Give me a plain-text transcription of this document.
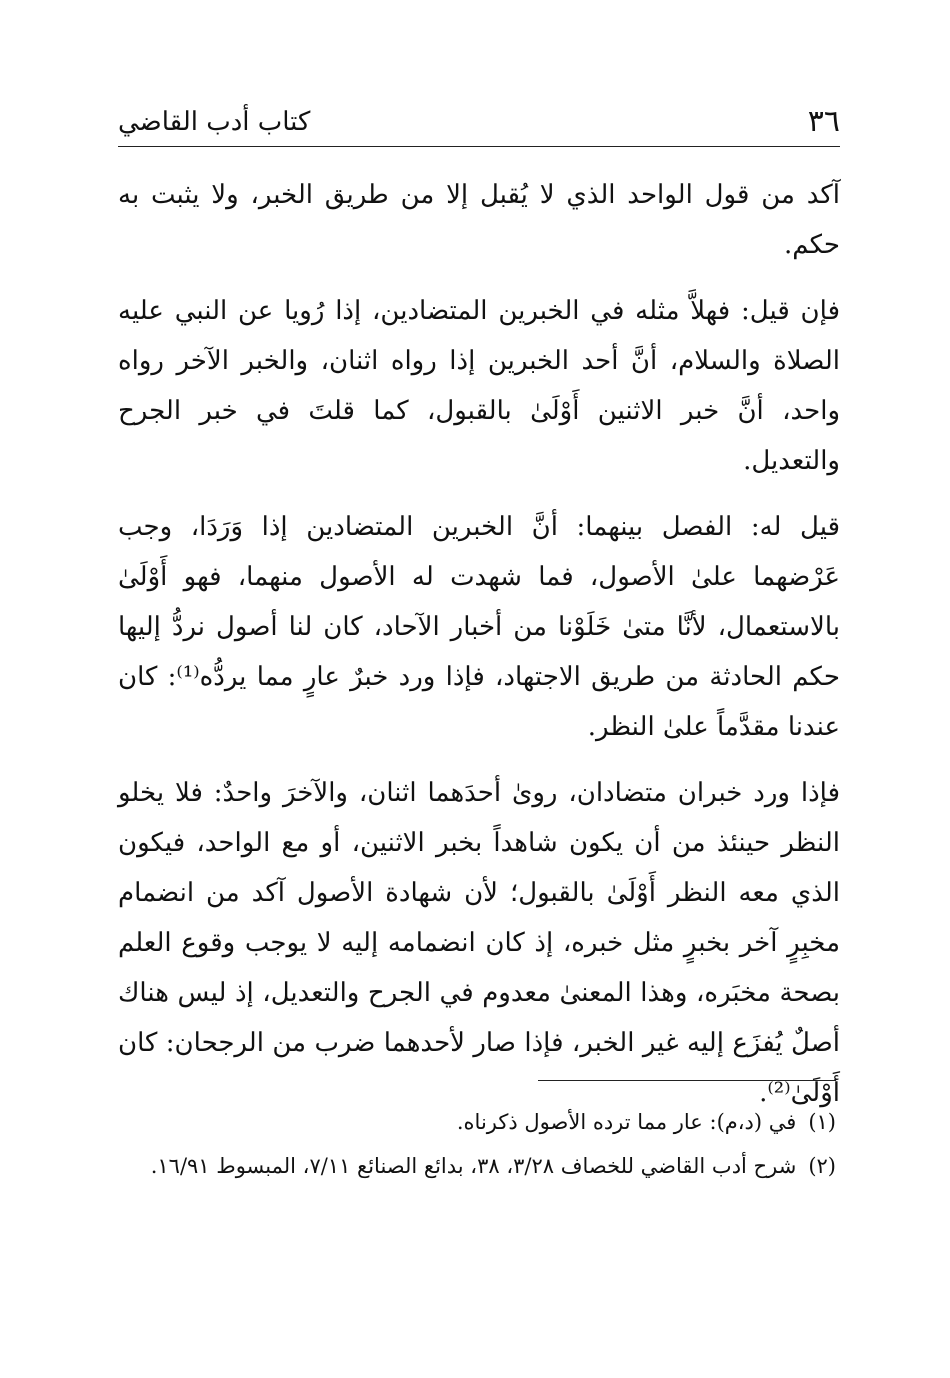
٣٦
كتاب أدب القاضي

آكد من قول الواحد الذي لا يُقبل إلا من طريق الخبر، ولا يثبت به حكم.

فإن قيل: فهلاَّ مثله في الخبرين المتضادين، إذا رُويا عن النبي عليه الصلاة والسلام، أنَّ أحد الخبرين إذا رواه اثنان، والخبر الآخر رواه واحد، أنَّ خبر الاثنين أَوْلَىٰ بالقبول، كما قلتَ في خبر الجرح والتعديل.

قيل له: الفصل بينهما: أنَّ الخبرين المتضادين إذا وَرَدَا، وجب عَرْضهما علىٰ الأصول، فما شهدت له الأصول منهما، فهو أَوْلَىٰ بالاستعمال، لأنَّا متىٰ خَلَوْنا من أخبار الآحاد، كان لنا أصول نردُّ إليها حكم الحادثة من طريق الاجتهاد، فإذا ورد خبرٌ عارٍ مما يردُّه⁽¹⁾: كان عندنا مقدَّماً علىٰ النظر.

فإذا ورد خبران متضادان، روىٰ أحدَهما اثنان، والآخرَ واحدٌ: فلا يخلو النظر حينئذ من أن يكون شاهداً بخبر الاثنين، أو مع الواحد، فيكون الذي معه النظر أَوْلَىٰ بالقبول؛ لأن شهادة الأصول آكد من انضمام مخبِرٍ آخر بخبرٍ مثل خبره، إذ كان انضمامه إليه لا يوجب وقوع العلم بصحة مخبَره، وهذا المعنىٰ معدوم في الجرح والتعديل، إذ ليس هناك أصلٌ يُفزَع إليه غير الخبر، فإذا صار لأحدهما ضرب من الرجحان: كان أَوْلَىٰ⁽²⁾.

(١)في (د،م): عار مما ترده الأصول ذكرناه.

(٢)شرح أدب القاضي للخصاف ٣/٢٨، ٣٨، بدائع الصنائع ٧/١١، المبسوط ١٦/٩١.
